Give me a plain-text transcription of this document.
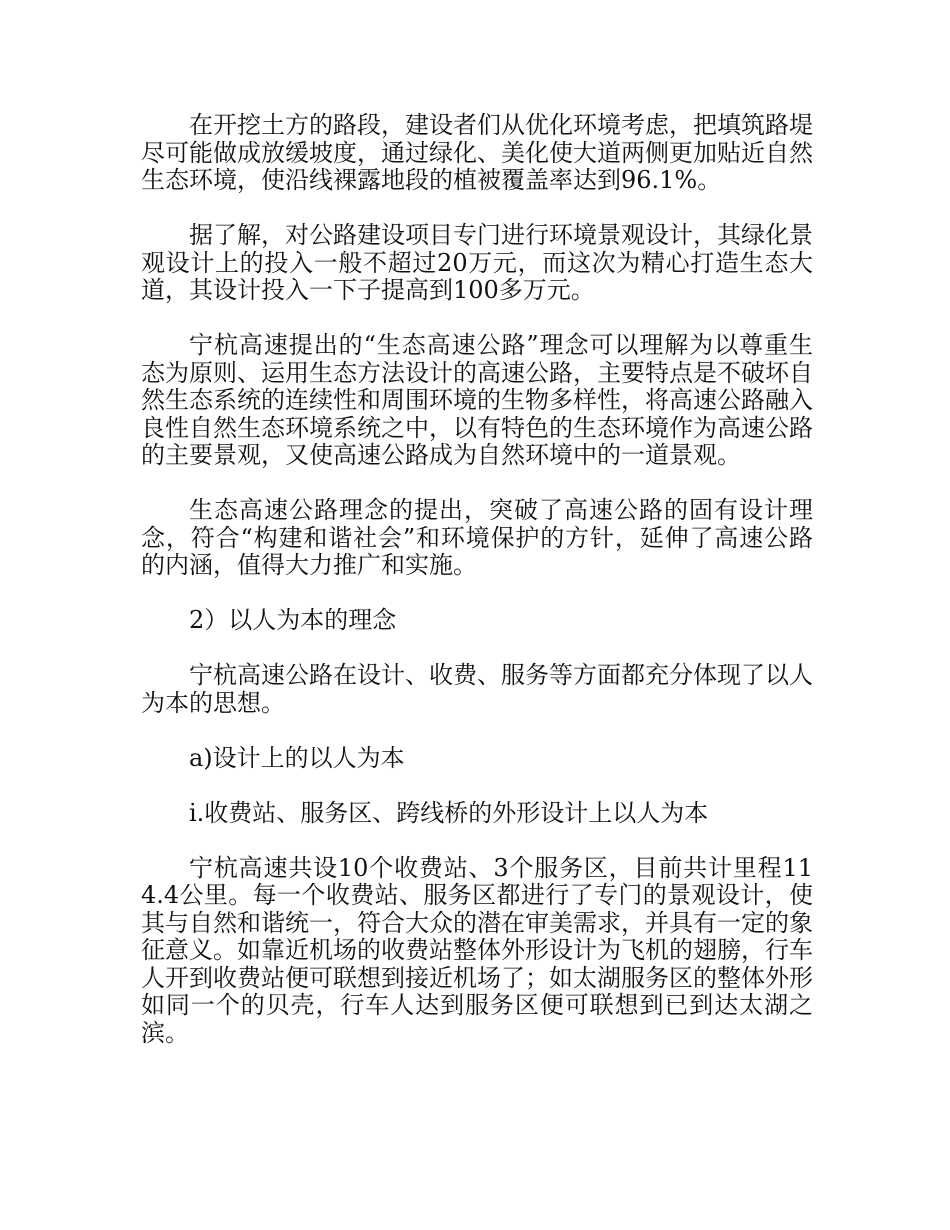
在开挖土方的路段，建设者们从优化环境考虑，把填筑路堤尽可能做成放缓坡度，通过绿化、美化使大道两侧更加贴近自然生态环境，使沿线裸露地段的植被覆盖率达到96.1%。

据了解，对公路建设项目专门进行环境景观设计，其绿化景观设计上的投入一般不超过20万元，而这次为精心打造生态大道，其设计投入一下子提高到100多万元。

宁杭高速提出的“生态高速公路”理念可以理解为以尊重生态为原则、运用生态方法设计的高速公路，主要特点是不破坏自然生态系统的连续性和周围环境的生物多样性，将高速公路融入良性自然生态环境系统之中，以有特色的生态环境作为高速公路的主要景观，又使高速公路成为自然环境中的一道景观。

生态高速公路理念的提出，突破了高速公路的固有设计理念，符合“构建和谐社会”和环境保护的方针，延伸了高速公路的内涵，值得大力推广和实施。

2）以人为本的理念

宁杭高速公路在设计、收费、服务等方面都充分体现了以人为本的思想。

a)设计上的以人为本

i.收费站、服务区、跨线桥的外形设计上以人为本

宁杭高速共设10个收费站、3个服务区，目前共计里程114.4公里。每一个收费站、服务区都进行了专门的景观设计，使其与自然和谐统一，符合大众的潜在审美需求，并具有一定的象征意义。如靠近机场的收费站整体外形设计为飞机的翅膀，行车人开到收费站便可联想到接近机场了；如太湖服务区的整体外形如同一个的贝壳，行车人达到服务区便可联想到已到达太湖之滨。
